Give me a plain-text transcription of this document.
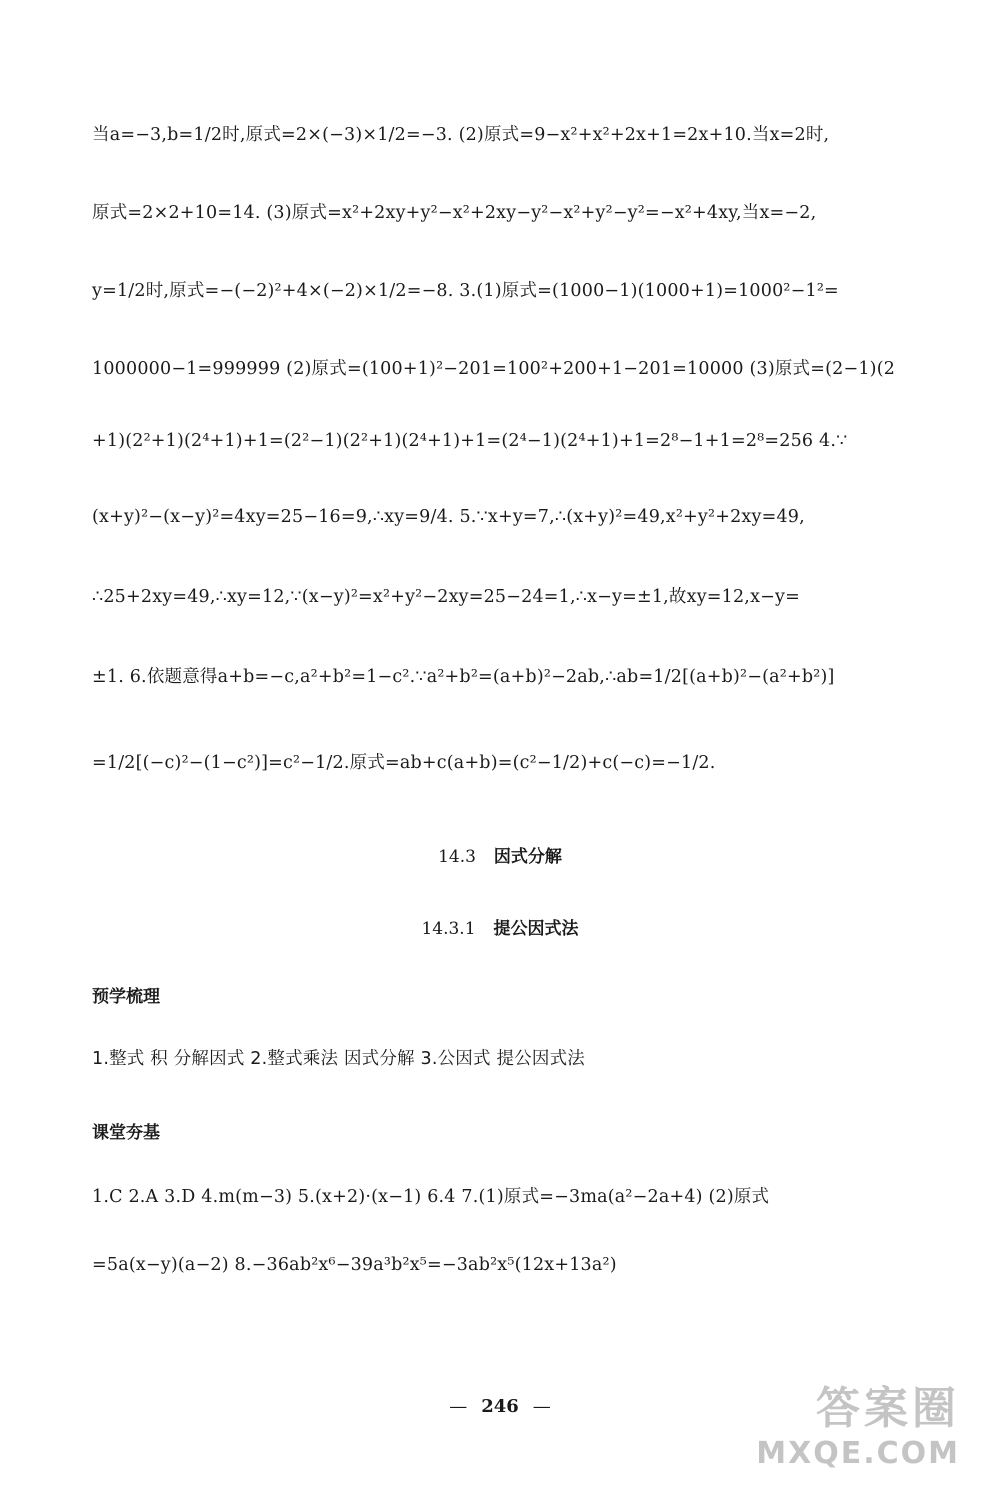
当a=−3,b=1/2时,原式=2×(−3)×1/2=−3. (2)原式=9−x²+x²+2x+1=2x+10.当x=2时,
原式=2×2+10=14. (3)原式=x²+2xy+y²−x²+2xy−y²−x²+y²−y²=−x²+4xy,当x=−2,
y=1/2时,原式=−(−2)²+4×(−2)×1/2=−8. 3.(1)原式=(1000−1)(1000+1)=1000²−1²=
1000000−1=999999 (2)原式=(100+1)²−201=100²+200+1−201=10000 (3)原式=(2−1)(2
+1)(2²+1)(2⁴+1)+1=(2²−1)(2²+1)(2⁴+1)+1=(2⁴−1)(2⁴+1)+1=2⁸−1+1=2⁸=256 4.∵
(x+y)²−(x−y)²=4xy=25−16=9,∴xy=9/4. 5.∵x+y=7,∴(x+y)²=49,x²+y²+2xy=49,
∴25+2xy=49,∴xy=12,∵(x−y)²=x²+y²−2xy=25−24=1,∴x−y=±1,故xy=12,x−y=
±1. 6.依题意得a+b=−c,a²+b²=1−c².∵a²+b²=(a+b)²−2ab,∴ab=1/2[(a+b)²−(a²+b²)]
=1/2[(−c)²−(1−c²)]=c²−1/2.原式=ab+c(a+b)=(c²−1/2)+c(−c)=−1/2.
14.3 因式分解
14.3.1 提公因式法
预学梳理
1.整式 积 分解因式 2.整式乘法 因式分解 3.公因式 提公因式法
课堂夯基
1.C 2.A 3.D 4.m(m−3) 5.(x+2)·(x−1) 6.4 7.(1)原式=−3ma(a²−2a+4) (2)原式
=5a(x−y)(a−2) 8.−36ab²x⁶−39a³b²x⁵=−3ab²x⁵(12x+13a²)
— 246 —	答案圈
MXQE.COM
